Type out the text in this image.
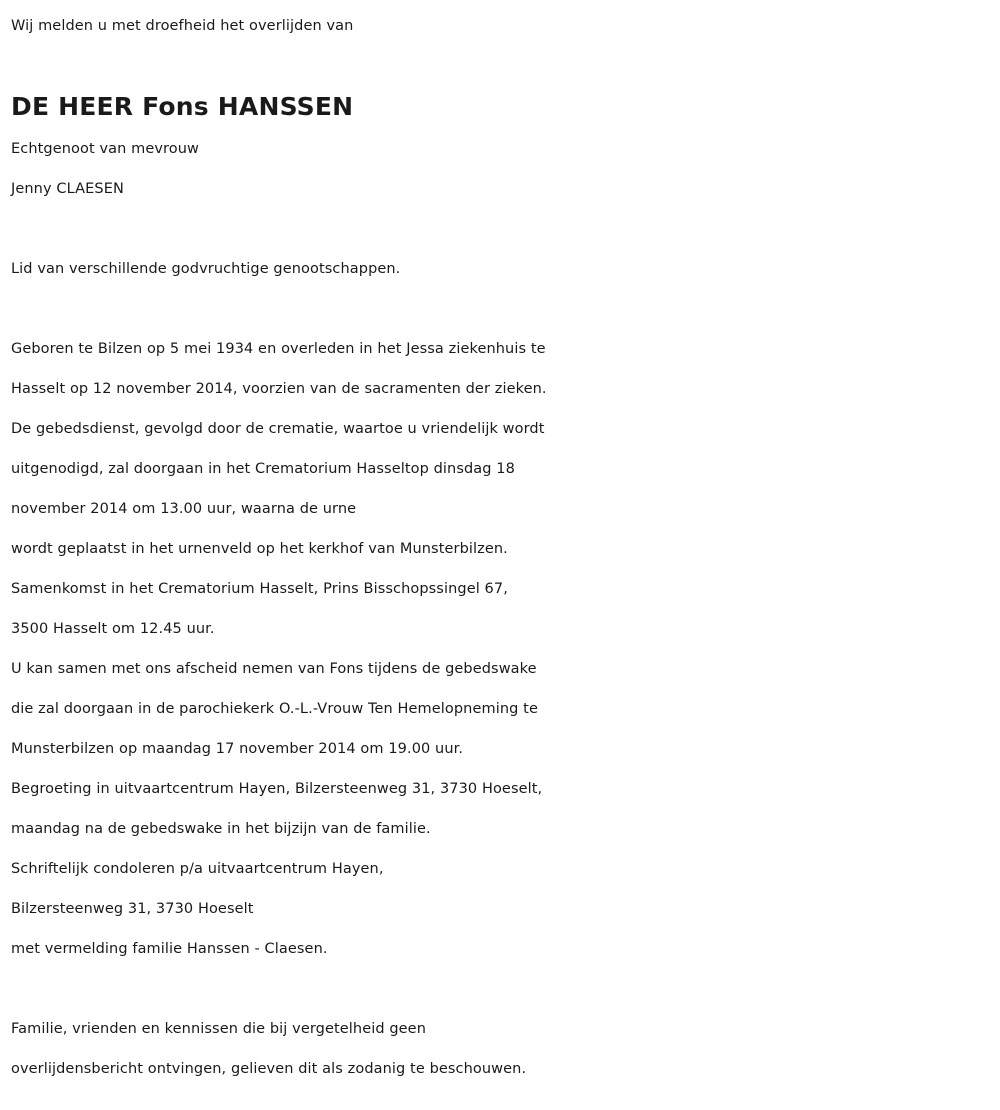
Wij melden u met droefheid het overlijden van
DE HEER Fons HANSSEN
Echtgenoot van mevrouw
Jenny CLAESEN
Lid van verschillende godvruchtige genootschappen.
Geboren te Bilzen op 5 mei 1934 en overleden in het Jessa ziekenhuis te
Hasselt op 12 november 2014, voorzien van de sacramenten der zieken.
De gebedsdienst, gevolgd door de crematie, waartoe u vriendelijk wordt
uitgenodigd, zal doorgaan in het Crematorium Hasseltop dinsdag 18
november 2014 om 13.00 uur, waarna de urne
wordt geplaatst in het urnenveld op het kerkhof van Munsterbilzen.
Samenkomst in het Crematorium Hasselt, Prins Bisschopssingel 67,
3500 Hasselt om 12.45 uur.
U kan samen met ons afscheid nemen van Fons tijdens de gebedswake
die zal doorgaan in de parochiekerk O.-L.-Vrouw Ten Hemelopneming te
Munsterbilzen op maandag 17 november 2014 om 19.00 uur.
Begroeting in uitvaartcentrum Hayen, Bilzersteenweg 31, 3730 Hoeselt,
maandag na de gebedswake in het bijzijn van de familie.
Schriftelijk condoleren p/a uitvaartcentrum Hayen,
Bilzersteenweg 31, 3730 Hoeselt
met vermelding familie Hanssen - Claesen.
Familie, vrienden en kennissen die bij vergetelheid geen
overlijdensbericht ontvingen, gelieven dit als zodanig te beschouwen.
